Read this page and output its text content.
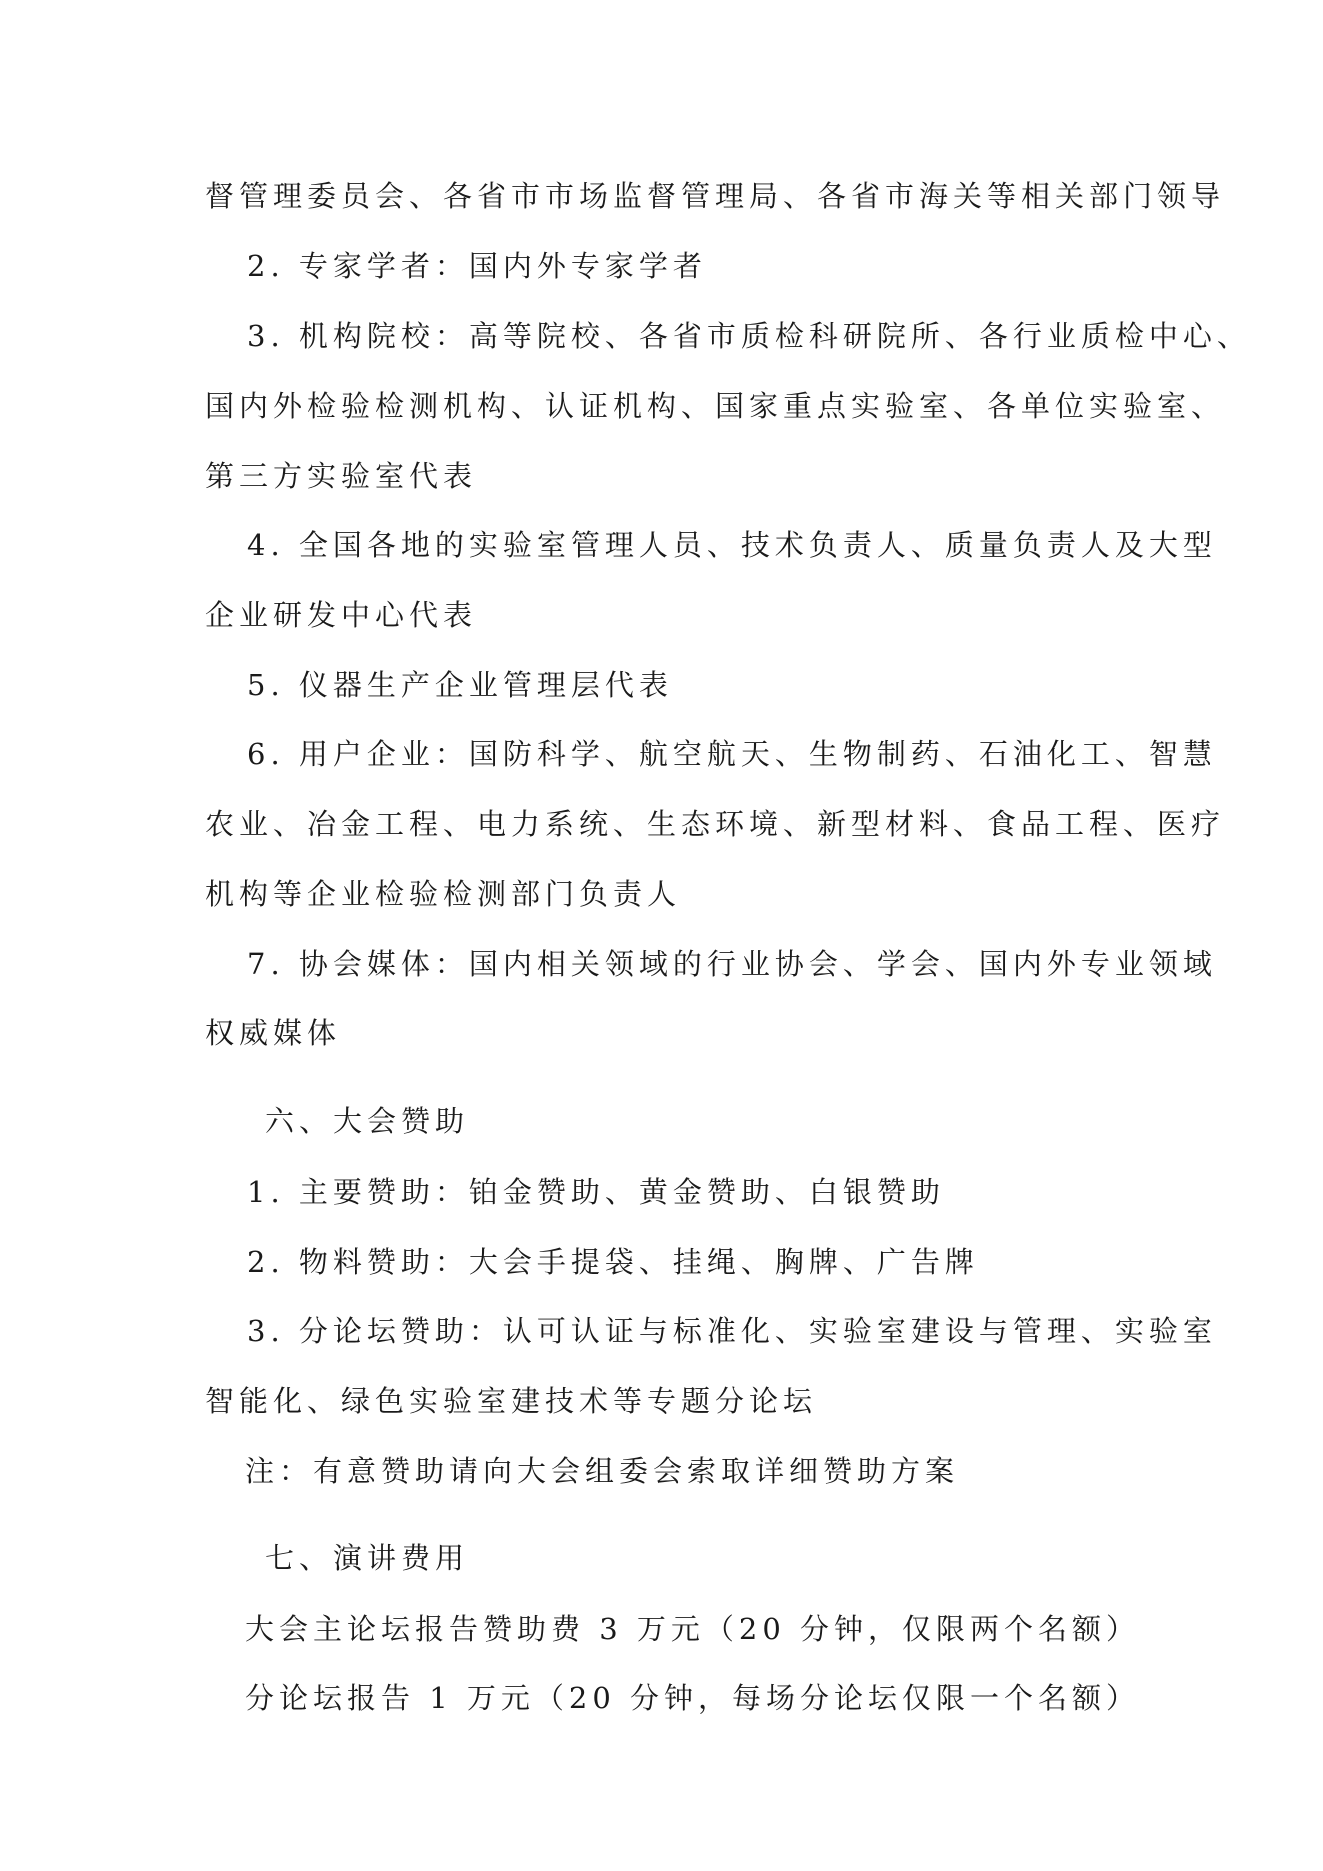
督管理委员会、各省市市场监督管理局、各省市海关等相关部门领导
2. 专家学者：国内外专家学者
3. 机构院校：高等院校、各省市质检科研院所、各行业质检中心、
国内外检验检测机构、认证机构、国家重点实验室、各单位实验室、
第三方实验室代表
4. 全国各地的实验室管理人员、技术负责人、质量负责人及大型
企业研发中心代表
5. 仪器生产企业管理层代表
6. 用户企业：国防科学、航空航天、生物制药、石油化工、智慧
农业、冶金工程、电力系统、生态环境、新型材料、食品工程、医疗
机构等企业检验检测部门负责人
7. 协会媒体：国内相关领域的行业协会、学会、国内外专业领域
权威媒体
六、大会赞助
1. 主要赞助：铂金赞助、黄金赞助、白银赞助
2. 物料赞助：大会手提袋、挂绳、胸牌、广告牌
3. 分论坛赞助：认可认证与标准化、实验室建设与管理、实验室
智能化、绿色实验室建技术等专题分论坛
注：有意赞助请向大会组委会索取详细赞助方案
七、演讲费用
大会主论坛报告赞助费 3 万元（20 分钟，仅限两个名额）
分论坛报告 1 万元（20 分钟，每场分论坛仅限一个名额）
